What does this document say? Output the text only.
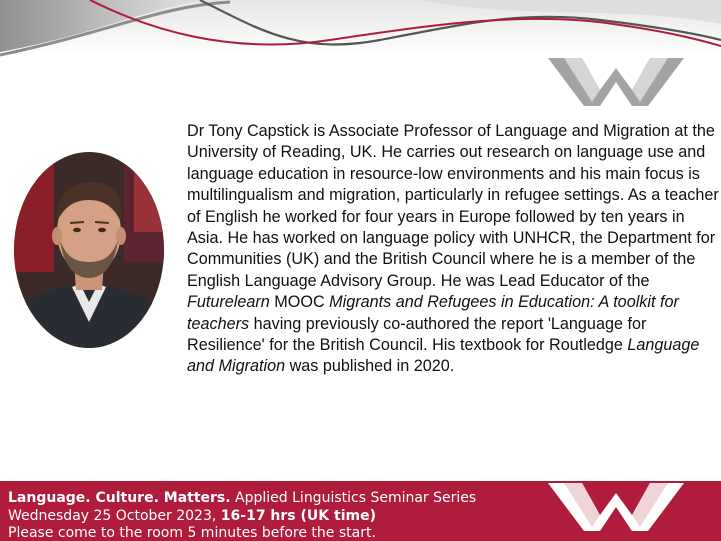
Dr Tony Capstick is Associate Professor of Language and Migration at the University of Reading, UK. He carries out research on language use and language education in resource-low environments and his main focus is multilingualism and migration, particularly in refugee settings. As a teacher of English he worked for four years in Europe followed by ten years in Asia. He has worked on language policy with UNHCR, the Department for Communities (UK) and the British Council where he is a member of the English Language Advisory Group. He was Lead Educator of the Futurelearn MOOC Migrants and Refugees in Education: A toolkit for teachers having previously co-authored the report 'Language for Resilience' for the British Council. His textbook for Routledge Language and Migration was published in 2020.

Language. Culture. Matters. Applied Linguistics Seminar Series
Wednesday 25 October 2023, 16-17 hrs (UK time)
Please come to the room 5 minutes before the start.
